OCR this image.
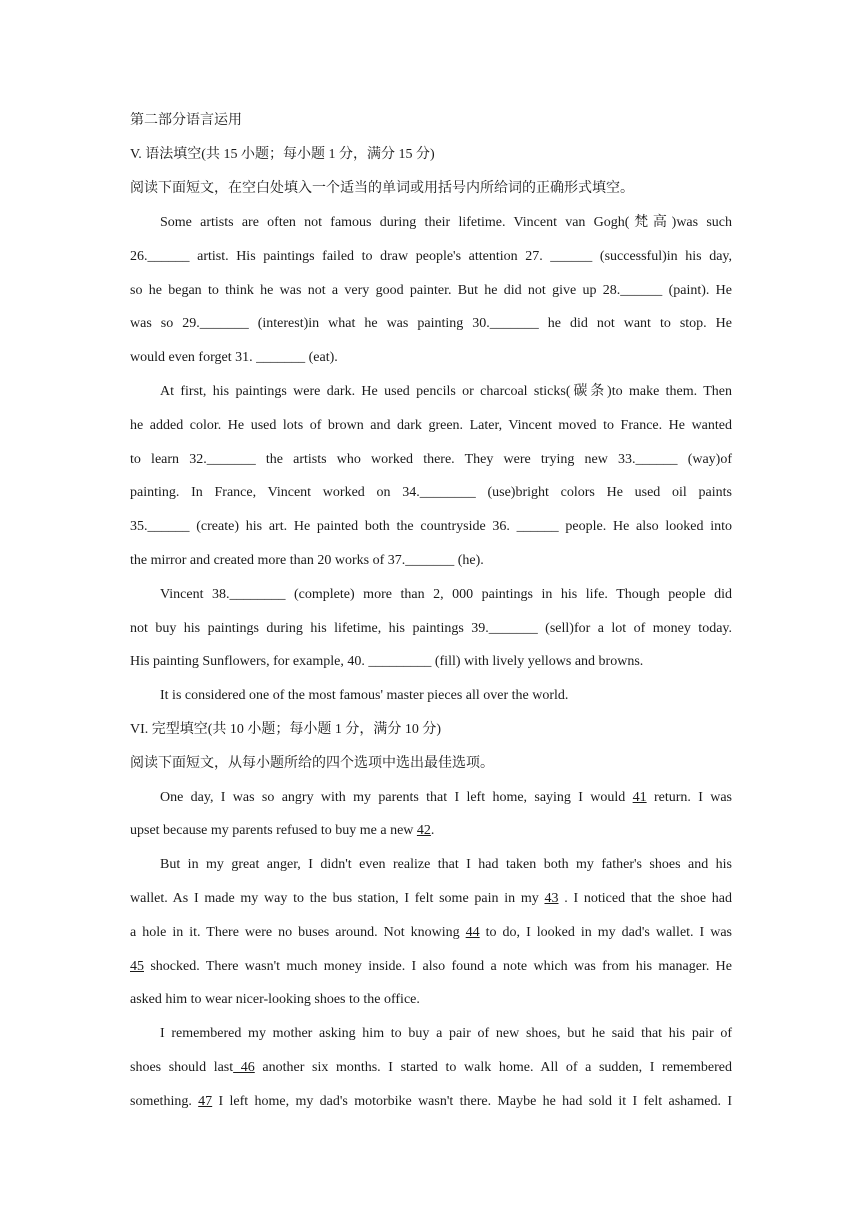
第二部分语言运用
V. 语法填空(共 15 小题；每小题 1 分，满分 15 分)
阅读下面短文，在空白处填入一个适当的单词或用括号内所给词的正确形式填空。
Some artists are often not famous during their lifetime. Vincent van Gogh(梵高)was such
26.______ artist. His paintings failed to draw people's attention 27. ______ (successful)in his day,
so he began to think he was not a very good painter. But he did not give up 28.______ (paint). He
was so 29._______ (interest)in what he was painting 30._______ he did not want to stop. He
would even forget 31. _______ (eat).
At first, his paintings were dark. He used pencils or charcoal sticks(碳条)to make them. Then
he added color. He used lots of brown and dark green. Later, Vincent moved to France. He wanted
to learn 32._______ the artists who worked there. They were trying new 33.______ (way)of
painting. In France, Vincent worked on 34.________ (use)bright colors He used oil paints
35.______ (create) his art. He painted both the countryside 36. ______ people. He also looked into
the mirror and created more than 20 works of 37._______ (he).
Vincent 38.________ (complete) more than 2, 000 paintings in his life. Though people did
not buy his paintings during his lifetime, his paintings 39._______ (sell)for a lot of money today.
His painting Sunflowers, for example, 40. _________ (fill) with lively yellows and browns.
It is considered one of the most famous' master pieces all over the world.
VI. 完型填空(共 10 小题；每小题 1 分，满分 10 分)
阅读下面短文，从每小题所给的四个选项中选出最佳选项。
One day, I was so angry with my parents that I left home, saying I would 41 return. I was
upset because my parents refused to buy me a new 42.
But in my great anger, I didn't even realize that I had taken both my father's shoes and his
wallet. As I made my way to the bus station, I felt some pain in my 43 . I noticed that the shoe had
a hole in it. There were no buses around. Not knowing 44 to do, I looked in my dad's wallet. I was
45 shocked. There wasn't much money inside. I also found a note which was from his manager. He
asked him to wear nicer-looking shoes to the office.
I remembered my mother asking him to buy a pair of new shoes, but he said that his pair of
shoes should last 46 another six months. I started to walk home. All of a sudden, I remembered
something. 47 I left home, my dad's motorbike wasn't there. Maybe he had sold it I felt ashamed. I
